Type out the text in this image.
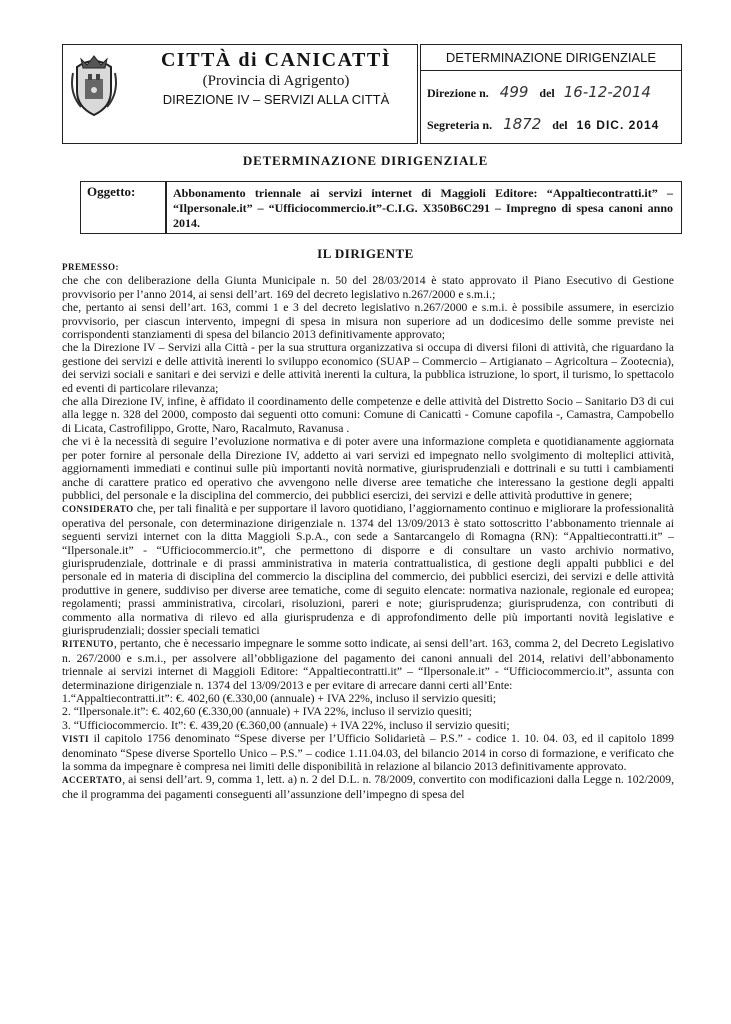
CITTÀ di CANICATTÌ
(Provincia di Agrigento)
DIREZIONE IV – SERVIZI ALLA CITTÀ
DETERMINAZIONE DIRIGENZIALE
Direzione n. 499 del 16-12-2014
Segreteria n. 1872 del 16 DIC. 2014
DETERMINAZIONE DIRIGENZIALE
Oggetto:	Abbonamento triennale ai servizi internet di Maggioli Editore: “Appaltiecontratti.it” – “Ilpersonale.it” – “Ufficiocommercio.it”-C.I.G. X350B6C291 – Impregno di spesa canoni anno 2014.
IL DIRIGENTE

PREMESSO:

che che con deliberazione della Giunta Municipale n. 50 del 28/03/2014 è stato approvato il Piano Esecutivo di Gestione provvisorio per l’anno 2014, ai sensi dell’art. 169 del decreto legislativo n.267/2000 e s.m.i.;

che, pertanto ai sensi dell’art. 163, commi 1 e 3 del decreto legislativo n.267/2000 e s.m.i. è possibile assumere, in esercizio provvisorio, per ciascun intervento, impegni di spesa in misura non superiore ad un dodicesimo delle somme previste nei corrispondenti stanziamenti di spesa del bilancio 2013 definitivamente approvato;

che la Direzione IV – Servizi alla Città - per la sua struttura organizzativa si occupa di diversi filoni di attività, che riguardano la gestione dei servizi e delle attività inerenti lo sviluppo economico (SUAP – Commercio – Artigianato – Agricoltura – Zootecnia), dei servizi sociali e sanitari e dei servizi e delle attività inerenti la cultura, la pubblica istruzione, lo sport, il turismo, lo spettacolo ed eventi di particolare rilevanza;

che alla Direzione IV, infine, è affidato il coordinamento delle competenze e delle attività del Distretto Socio – Sanitario D3 di cui alla legge n. 328 del 2000, composto dai seguenti otto comuni: Comune di Canicattì - Comune capofila -, Camastra, Campobello di Licata, Castrofilippo, Grotte, Naro, Racalmuto, Ravanusa .

che vi è la necessità di seguire l’evoluzione normativa e di poter avere una informazione completa e quotidianamente aggiornata per poter fornire al personale della Direzione IV, addetto ai vari servizi ed impegnato nello svolgimento di molteplici attività, aggiornamenti immediati e continui sulle più importanti novità normative, giurisprudenziali e dottrinali e su tutti i cambiamenti anche di carattere pratico ed operativo che avvengono nelle diverse aree tematiche che interessano la gestione degli appalti pubblici, del personale e la disciplina del commercio, dei pubblici esercizi, dei servizi e delle attività produttive in genere;

CONSIDERATO che, per tali finalità e per supportare il lavoro quotidiano, l’aggiornamento continuo e migliorare la professionalità operativa del personale, con determinazione dirigenziale n. 1374 del 13/09/2013 è stato sottoscritto l’abbonamento triennale ai seguenti servizi internet con la ditta Maggioli S.p.A., con sede a Santarcangelo di Romagna (RN): “Appaltiecontratti.it” – “Ilpersonale.it” - “Ufficiocommercio.it”, che permettono di disporre e di consultare un vasto archivio normativo, giurisprudenziale, dottrinale e di prassi amministrativa in materia contrattualistica, di gestione degli appalti pubblici e del personale ed in materia di disciplina del commercio la disciplina del commercio, dei pubblici esercizi, dei servizi e delle attività produttive in genere, suddiviso per diverse aree tematiche, come di seguito elencate: normativa nazionale, regionale ed europea; regolamenti; prassi amministrativa, circolari, risoluzioni, pareri e note; giurisprudenza; giurisprudenza, con contributi di commento alla normativa di rilevo ed alla giurisprudenza e di approfondimento delle più importanti novità legislative e giurisprudenziali; dossier speciali tematici

RITENUTO, pertanto, che è necessario impegnare le somme sotto indicate, ai sensi dell’art. 163, comma 2, del Decreto Legislativo n. 267/2000 e s.m.i., per assolvere all’obbligazione del pagamento dei canoni annuali del 2014, relativi dell’abbonamento triennale ai servizi internet di Maggioli Editore: “Appaltiecontratti.it” – “Ilpersonale.it” - “Ufficiocommercio.it”, assunta con determinazione dirigenziale n. 1374 del 13/09/2013 e per evitare di arrecare danni certi all’Ente:

1.“Appaltiecontratti.it”: €. 402,60 (€.330,00 (annuale) + IVA 22%, incluso il servizio quesiti;

2. “Ilpersonale.it”: €. 402,60 (€.330,00 (annuale) + IVA 22%, incluso il servizio quesiti;

3. “Ufficiocommercio. It”: €. 439,20 (€.360,00 (annuale) + IVA 22%, incluso il servizio quesiti;

VISTI il capitolo 1756 denominato “Spese diverse per l’Ufficio Solidarietà – P.S.” - codice 1. 10. 04. 03, ed il capitolo 1899 denominato “Spese diverse Sportello Unico – P.S.” – codice 1.11.04.03, del bilancio 2014 in corso di formazione, e verificato che la somma da impegnare è compresa nei limiti delle disponibilità in relazione al bilancio 2013 definitivamente approvato.

ACCERTATO, ai sensi dell’art. 9, comma 1, lett. a) n. 2 del D.L. n. 78/2009, convertito con modificazioni dalla Legge n. 102/2009, che il programma dei pagamenti conseguenti all’assunzione dell’impegno di spesa del
